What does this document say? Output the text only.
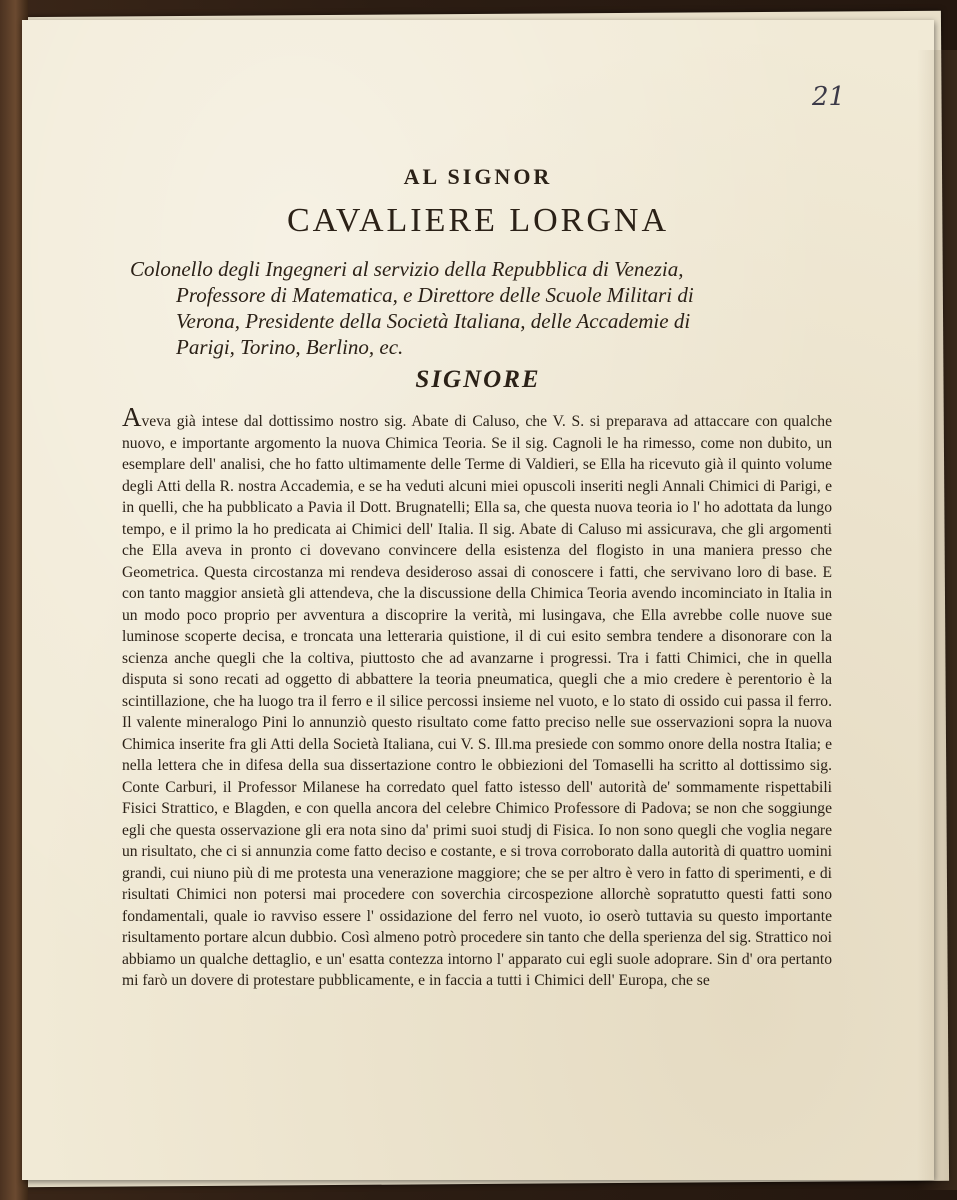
21
AL SIGNOR
CAVALIERE LORGNA
Colonello degli Ingegneri al servizio della Repubblica di Venezia,
Professore di Matematica, e Direttore delle Scuole Militari di
Verona, Presidente della Società Italiana, delle Accademie di
Parigi, Torino, Berlino, ec.
SIGNORE

Aveva già intese dal dottissimo nostro sig. Abate di Caluso, che V. S. si preparava ad attaccare con qualche nuovo, e importante argomento la nuova Chimica Teoria. Se il sig. Cagnoli le ha rimesso, come non dubito, un esemplare dell' analisi, che ho fatto ultimamente delle Terme di Valdieri, se Ella ha ricevuto già il quinto volume degli Atti della R. nostra Accademia, e se ha veduti alcuni miei opuscoli inseriti negli Annali Chimici di Parigi, e in quelli, che ha pubblicato a Pavia il Dott. Brugnatelli; Ella sa, che questa nuova teoria io l' ho adottata da lungo tempo, e il primo la ho predicata ai Chimici dell' Italia. Il sig. Abate di Caluso mi assicurava, che gli argomenti che Ella aveva in pronto ci dovevano convincere della esistenza del flogisto in una maniera presso che Geometrica. Questa circostanza mi rendeva desideroso assai di conoscere i fatti, che servivano loro di base. E con tanto maggior ansietà gli attendeva, che la discussione della Chimica Teoria avendo incominciato in Italia in un modo poco proprio per avventura a discoprire la verità, mi lusingava, che Ella avrebbe colle nuove sue luminose scoperte decisa, e troncata una letteraria quistione, il di cui esito sembra tendere a disonorare con la scienza anche quegli che la coltiva, piuttosto che ad avanzarne i progressi. Tra i fatti Chimici, che in quella disputa si sono recati ad oggetto di abbattere la teoria pneumatica, quegli che a mio credere è perentorio è la scintillazione, che ha luogo tra il ferro e il silice percossi insieme nel vuoto, e lo stato di ossido cui passa il ferro. Il valente mineralogo Pini lo annunziò questo risultato come fatto preciso nelle sue osservazioni sopra la nuova Chimica inserite fra gli Atti della Società Italiana, cui V. S. Ill.ma presiede con sommo onore della nostra Italia; e nella lettera che in difesa della sua dissertazione contro le obbiezioni del Tomaselli ha scritto al dottissimo sig. Conte Carburi, il Professor Milanese ha corredato quel fatto istesso dell' autorità de' sommamente rispettabili Fisici Strattico, e Blagden, e con quella ancora del celebre Chimico Professore di Padova; se non che soggiunge egli che questa osservazione gli era nota sino da' primi suoi studj di Fisica. Io non sono quegli che voglia negare un risultato, che ci si annunzia come fatto deciso e costante, e si trova corroborato dalla autorità di quattro uomini grandi, cui niuno più di me protesta una venerazione maggiore; che se per altro è vero in fatto di sperimenti, e di risultati Chimici non potersi mai procedere con soverchia circospezione allorchè sopratutto questi fatti sono fondamentali, quale io ravviso essere l' ossidazione del ferro nel vuoto, io oserò tuttavia su questo importante risultamento portare alcun dubbio. Così almeno potrò procedere sin tanto che della sperienza del sig. Strattico noi abbiamo un qualche dettaglio, e un' esatta contezza intorno l' apparato cui egli suole adoprare. Sin d' ora pertanto mi farò un dovere di protestare pubblicamente, e in faccia a tutti i Chimici dell' Europa, che se
